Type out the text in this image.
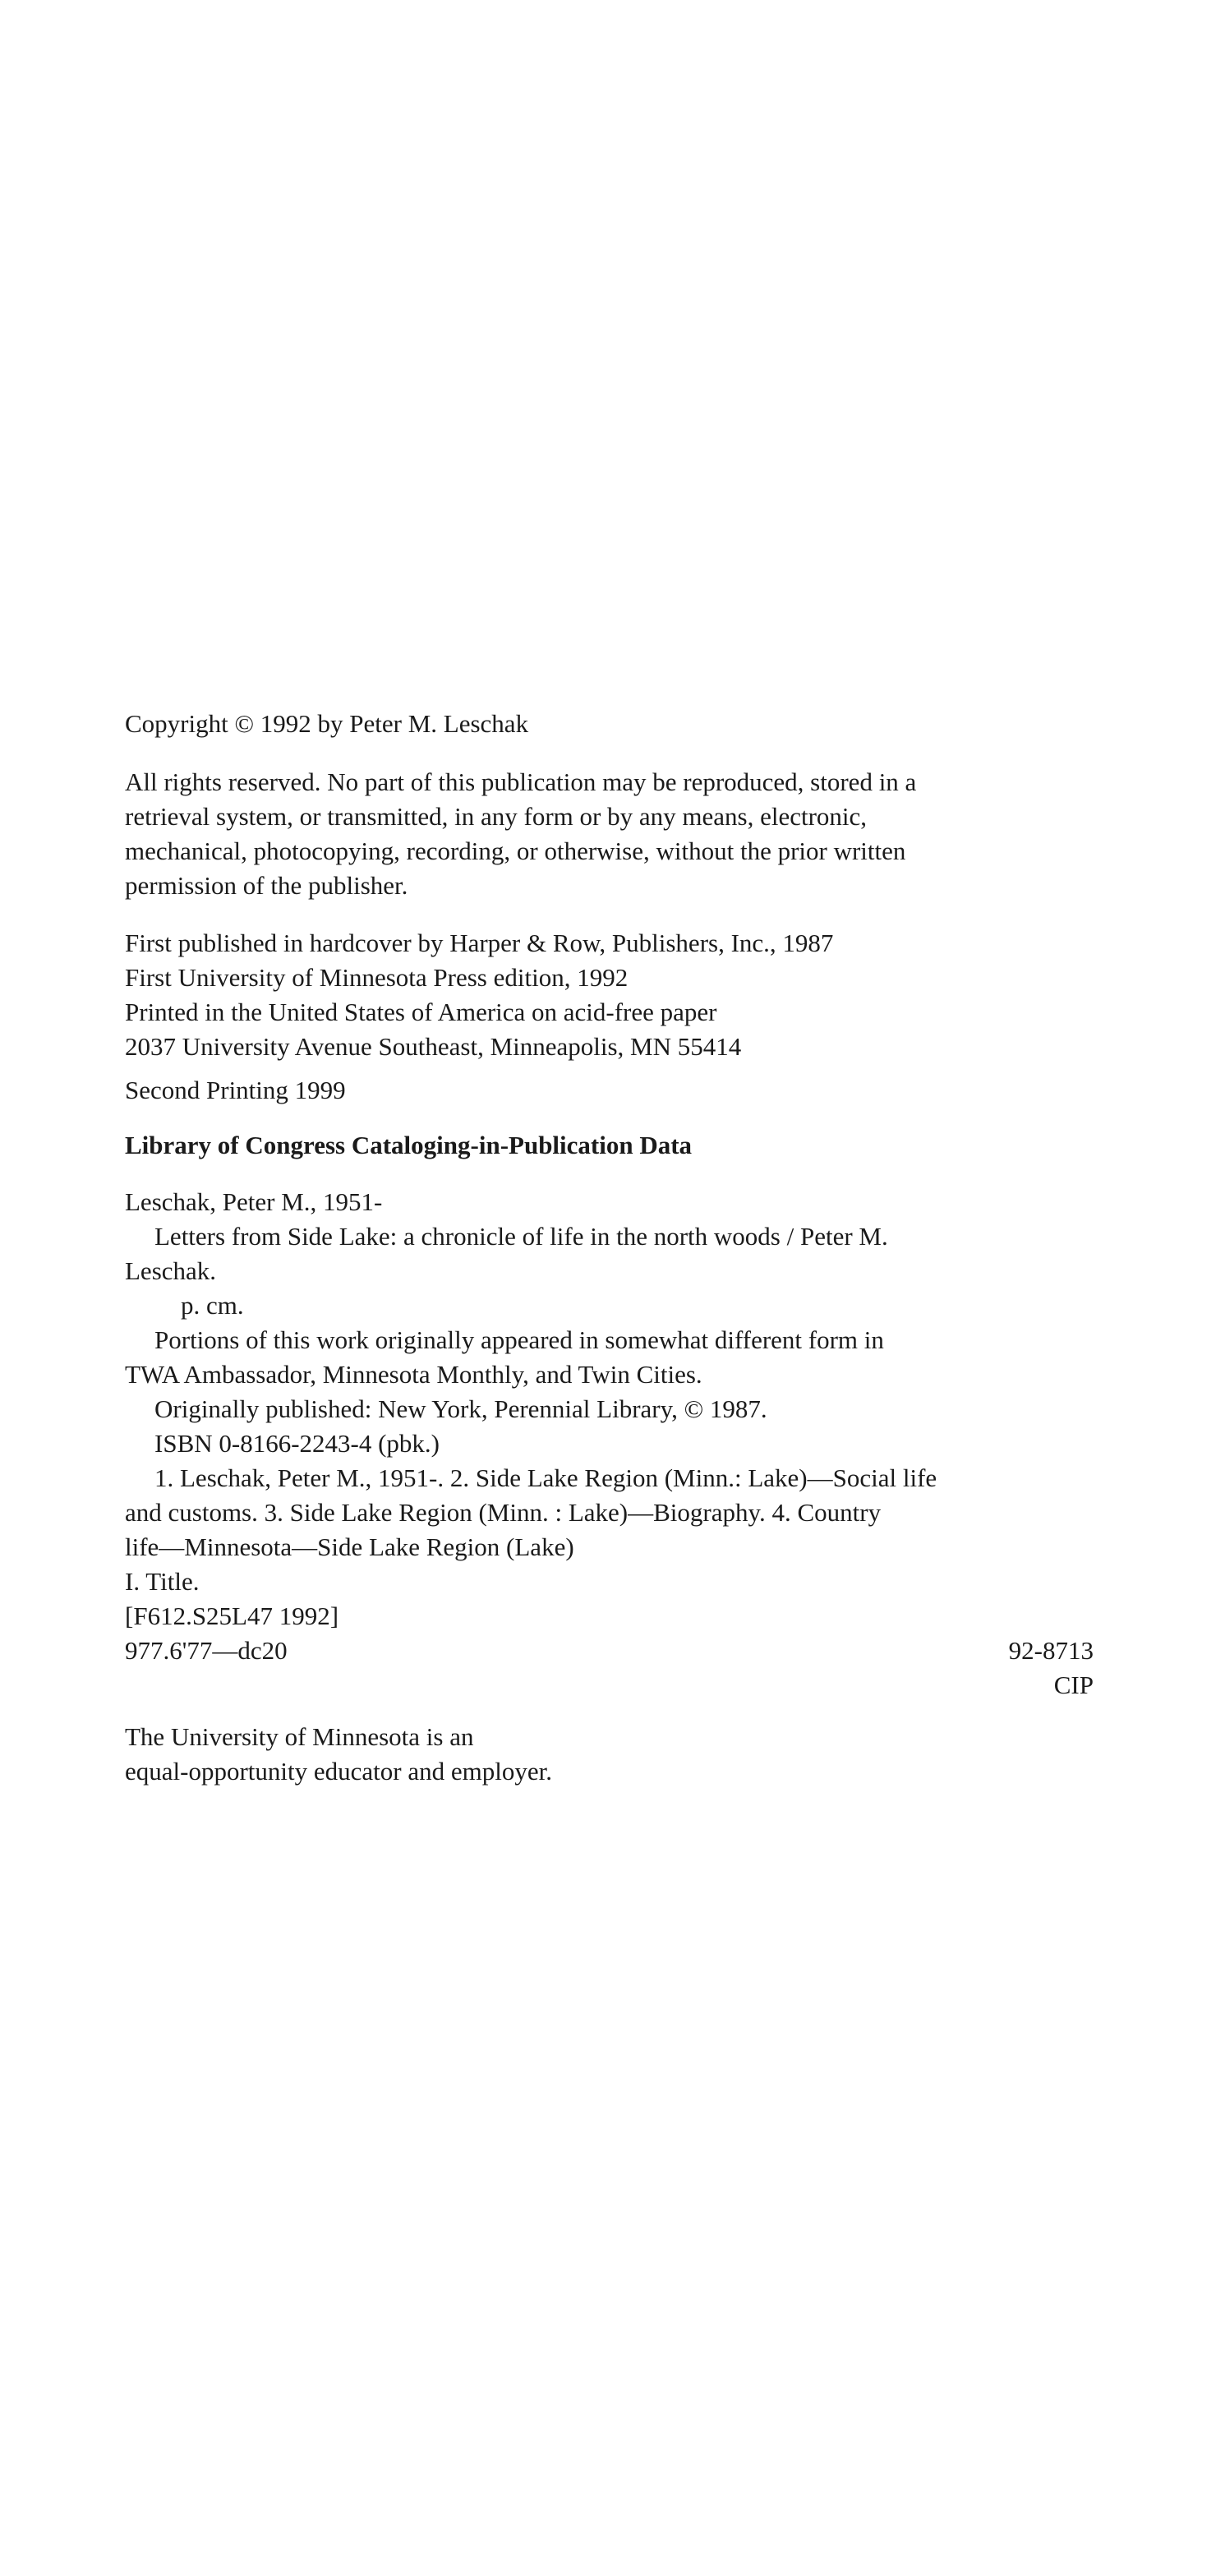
Copyright © 1992 by Peter M. Leschak
All rights reserved. No part of this publication may be reproduced, stored in a
retrieval system, or transmitted, in any form or by any means, electronic,
mechanical, photocopying, recording, or otherwise, without the prior written
permission of the publisher.
First published in hardcover by Harper & Row, Publishers, Inc., 1987
First University of Minnesota Press edition, 1992
Printed in the United States of America on acid-free paper
2037 University Avenue Southeast, Minneapolis, MN 55414
Second Printing 1999
Library of Congress Cataloging-in-Publication Data
Leschak, Peter M., 1951-
Letters from Side Lake: a chronicle of life in the north woods / Peter M.
Leschak.
p. cm.
Portions of this work originally appeared in somewhat different form in
TWA Ambassador, Minnesota Monthly, and Twin Cities.
Originally published: New York, Perennial Library, © 1987.
ISBN 0-8166-2243-4 (pbk.)
1. Leschak, Peter M., 1951-. 2. Side Lake Region (Minn.: Lake)—Social life
and customs. 3. Side Lake Region (Minn. : Lake)—Biography. 4. Country
life—Minnesota—Side Lake Region (Lake)
I. Title.
[F612.S25L47 1992]
977.6'77—dc20	92-8713
CIP
The University of Minnesota is an
equal-opportunity educator and employer.
